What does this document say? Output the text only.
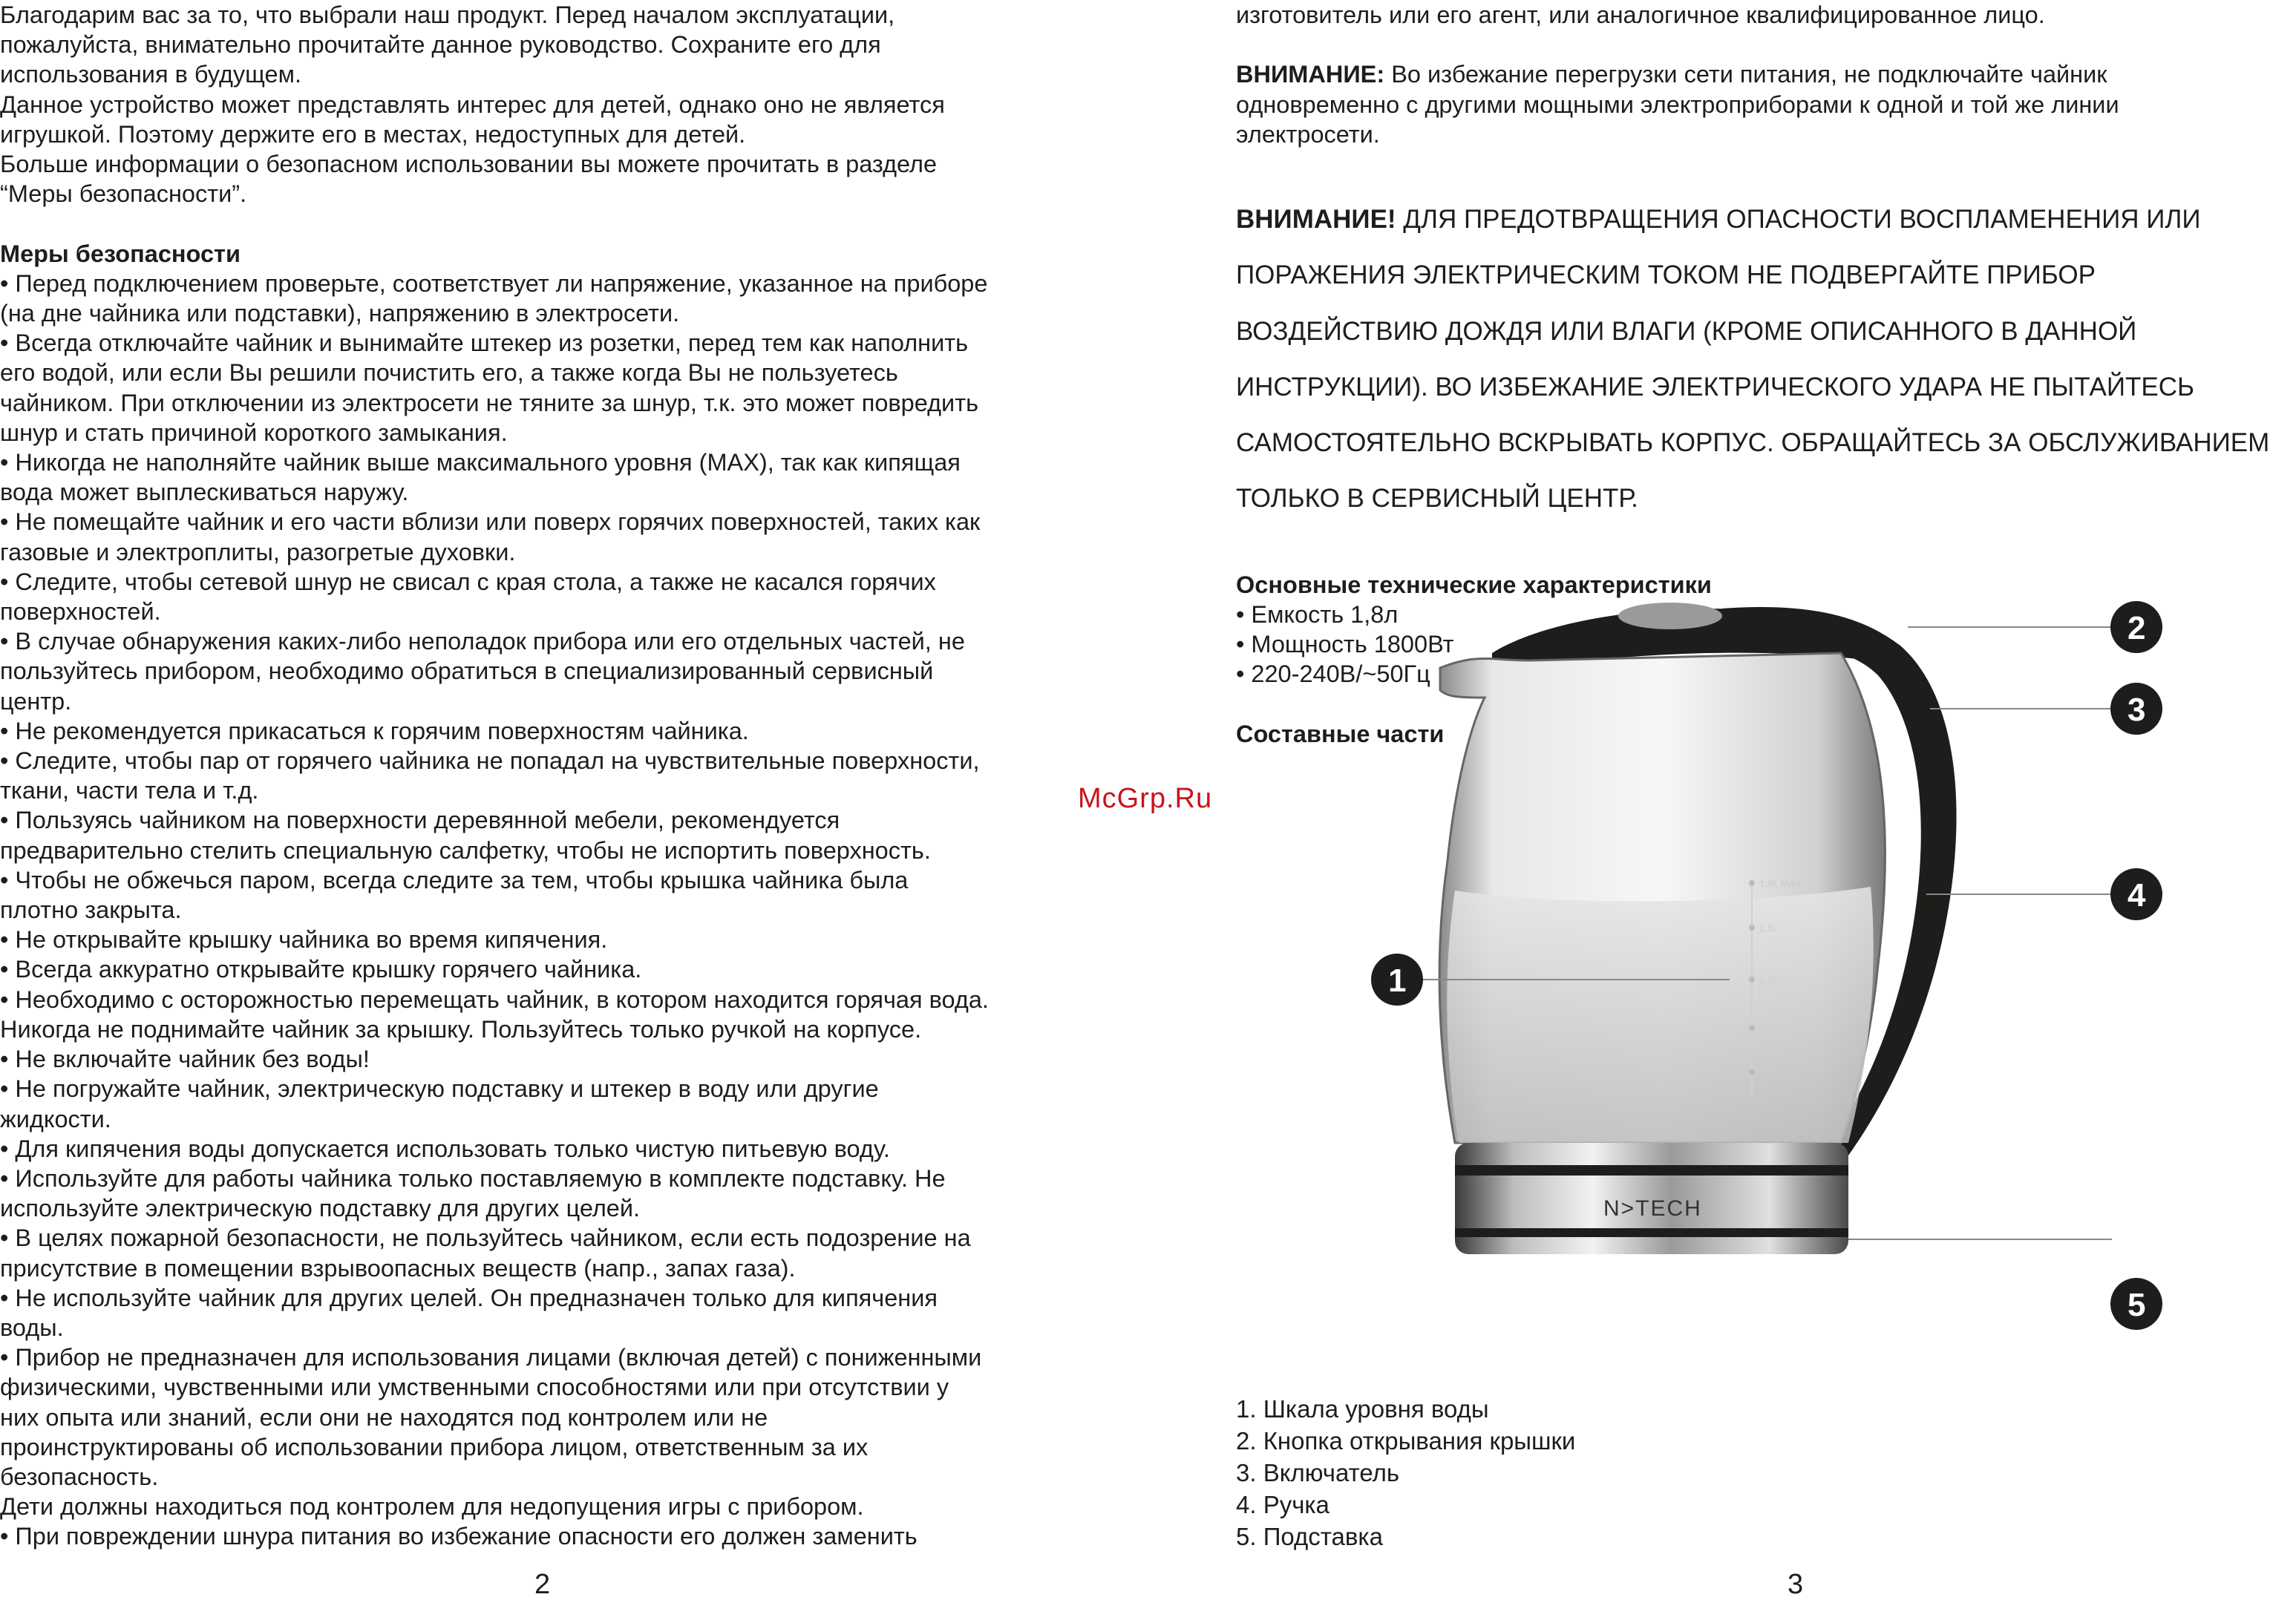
Благодарим вас за то, что выбрали наш продукт. Перед началом эксплуатации,

пожалуйста, внимательно прочитайте данное руководство. Сохраните его для

использования в будущем.

Данное устройство может представлять интерес для детей, однако оно не является

игрушкой. Поэтому держите его в местах, недоступных для детей.

Больше информации о безопасном использовании вы можете прочитать в разделе

“Меры безопасности”.

Меры безопасности

• Перед подключением проверьте, соответствует ли напряжение, указанное на приборе

(на дне чайника или подставки), напряжению в электросети.

• Всегда отключайте чайник и вынимайте штекер из розетки, перед тем как наполнить

его водой, или если Вы решили почистить его, а также когда Вы не пользуетесь

чайником. При отключении из электросети не тяните за шнур, т.к. это может повредить

шнур и стать причиной короткого замыкания.

• Никогда не наполняйте чайник выше максимального уровня (MAX), так как кипящая

вода может выплескиваться наружу.

• Не помещайте чайник и его части вблизи или поверх горячих поверхностей, таких как

газовые и электроплиты, разогретые духовки.

• Следите, чтобы сетевой шнур не свисал с края стола, а также не касался горячих

поверхностей.

• В случае обнаружения каких-либо неполадок прибора или его отдельных частей, не

пользуйтесь прибором, необходимо обратиться в специализированный сервисный

центр.

• Не рекомендуется прикасаться к горячим поверхностям чайника.

• Следите, чтобы пар от горячего чайника не попадал на чувствительные поверхности,

ткани, части тела и т.д.

• Пользуясь чайником на поверхности деревянной мебели, рекомендуется

предварительно стелить специальную салфетку, чтобы не испортить поверхность.

• Чтобы не обжечься паром, всегда следите за тем, чтобы крышка чайника была

плотно закрыта.

• Не открывайте крышку чайника во время кипячения.

• Всегда аккуратно открывайте крышку горячего чайника.

• Необходимо с осторожностью перемещать чайник, в котором находится горячая вода.

Никогда не поднимайте чайник за крышку. Пользуйтесь только ручкой на корпусе.

• Не включайте чайник без воды!

• Не погружайте чайник, электрическую подставку и штекер в воду или другие

жидкости.

• Для кипячения воды допускается использовать только чистую питьевую воду.

• Используйте для работы чайника только поставляемую в комплекте подставку. Не

используйте электрическую подставку для других целей.

• В целях пожарной безопасности, не пользуйтесь чайником, если есть подозрение на

присутствие в помещении взрывоопасных веществ (напр., запах газа).

• Не используйте чайник для других целей. Он предназначен только для кипячения

воды.

• Прибор не предназначен для использования лицами (включая детей) с пониженными

физическими, чувственными или умственными способностями или при отсутствии у

них опыта или знаний, если они не находятся под контролем или не

проинструктированы об использовании прибора лицом, ответственным за их

безопасность.

Дети должны находиться под контролем для недопущения игры с прибором.

• При повреждении шнура питания во избежание опасности его должен заменить

2

изготовитель или его агент, или аналогичное квалифицированное лицо.

ВНИМАНИЕ: Во избежание перегрузки сети питания, не подключайте чайник

одновременно с другими мощными электроприборами к одной и той же линии

электросети.

ВНИМАНИЕ! ДЛЯ ПРЕДОТВРАЩЕНИЯ ОПАСНОСТИ ВОСПЛАМЕНЕНИЯ ИЛИ

ПОРАЖЕНИЯ ЭЛЕКТРИЧЕСКИМ ТОКОМ НЕ ПОДВЕРГАЙТЕ ПРИБОР

ВОЗДЕЙСТВИЮ ДОЖДЯ ИЛИ ВЛАГИ (КРОМЕ ОПИСАННОГО В ДАННОЙ

ИНСТРУКЦИИ). ВО ИЗБЕЖАНИЕ ЭЛЕКТРИЧЕСКОГО УДАРА НЕ ПЫТАЙТЕСЬ

САМОСТОЯТЕЛЬНО ВСКРЫВАТЬ КОРПУС. ОБРАЩАЙТЕСЬ ЗА ОБСЛУЖИВАНИЕМ

ТОЛЬКО В СЕРВИСНЫЙ ЦЕНТР.

Основные технические характеристики

• Емкость 1,8л

• Мощность 1800Вт

• 220-240В/~50Гц

Составные части

1,8L MAX
1,5L
1,2L
0,9L
0,5L MIN
N>TECH
1
2
3
4
5
1. Шкала уровня воды
2. Кнопка открывания крышки
3. Включатель
4. Ручка
5. Подставка
3
McGrp.Ru
